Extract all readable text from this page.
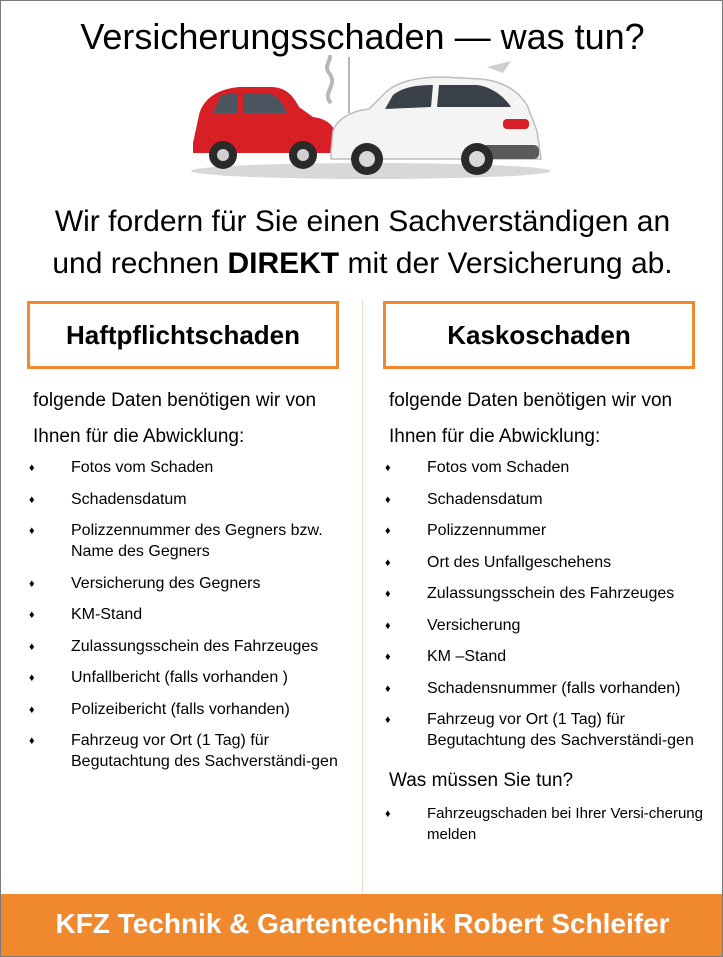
Versicherungsschaden — was tun?
Wir fordern für Sie einen Sachverständigen an
und rechnen DIREKT mit der Versicherung ab.
Haftpflichtschaden
folgende Daten benötigen wir von
Ihnen für die Abwicklung:
♦ Fotos vom Schaden
♦ Schadensdatum
♦ Polizzennummer des Gegners bzw. Name des Gegners
♦ Versicherung des Gegners
♦ KM-Stand
♦ Zulassungsschein des Fahrzeuges
♦ Unfallbericht (falls vorhanden )
♦ Polizeibericht (falls vorhanden)
♦ Fahrzeug vor Ort (1 Tag) für Begutachtung des Sachverständi-gen
Kaskoschaden
folgende Daten benötigen wir von
Ihnen für die Abwicklung:
♦ Fotos vom Schaden
♦ Schadensdatum
♦ Polizzennummer
♦ Ort des Unfallgeschehens
♦ Zulassungsschein des Fahrzeuges
♦ Versicherung
♦ KM –Stand
♦ Schadensnummer (falls vorhanden)
♦ Fahrzeug vor Ort (1 Tag) für Begutachtung des Sachverständi-gen
Was müssen Sie tun?
♦ Fahrzeugschaden bei Ihrer Versi-cherung melden
KFZ Technik & Gartentechnik Robert Schleifer
